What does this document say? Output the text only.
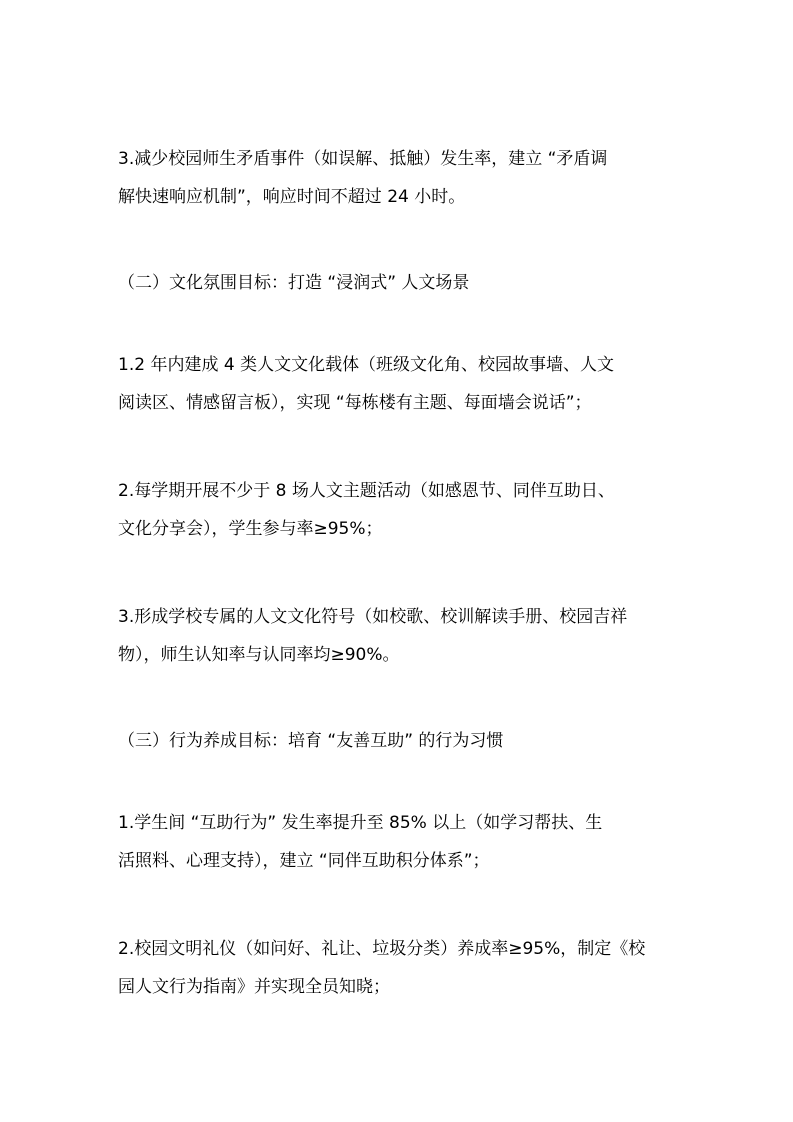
3.减少校园师生矛盾事件（如误解、抵触）发生率，建立 “矛盾调
解快速响应机制”，响应时间不超过 24 小时。
（二）文化氛围目标：打造 “浸润式” 人文场景
1.2 年内建成 4 类人文文化载体（班级文化角、校园故事墙、人文
阅读区、情感留言板），实现 “每栋楼有主题、每面墙会说话”；
2.每学期开展不少于 8 场人文主题活动（如感恩节、同伴互助日、
文化分享会），学生参与率≥95%；
3.形成学校专属的人文文化符号（如校歌、校训解读手册、校园吉祥
物），师生认知率与认同率均≥90%。
（三）行为养成目标：培育 “友善互助” 的行为习惯
1.学生间 “互助行为” 发生率提升至 85% 以上（如学习帮扶、生
活照料、心理支持），建立 “同伴互助积分体系”；
2.校园文明礼仪（如问好、礼让、垃圾分类）养成率≥95%，制定《校
园人文行为指南》并实现全员知晓；
